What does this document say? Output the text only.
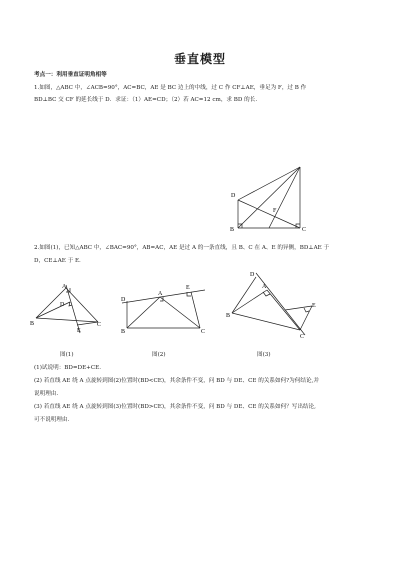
垂直模型
考点一：利用垂直证明角相等
1.如图，△ABC 中，∠ACB=90°，AC=BC，AE 是 BC 边上的中线，过 C 作 CF⊥AE，垂足为 F，过 B 作
BD⊥BC 交 CF 的延长线于 D．求证：（1）AE=CD；（2）若 AC=12 cm，求 BD 的长.
D
F
C
B
2.如图(1)，已知△ABC 中，∠BAC=90°，AB=AC，AE 是过 A 的一条直线，且 B、C 在 A、E 的异侧，BD⊥AE 于
D，CE⊥AE 于 E.
D
A
B
E
C
D
A
E
B	C
D
A
E
B
C
图(1)	图(2)	图(3)
(1)试说明：BD=DE+CE.
(2) 若直线 AE 绕 A 点旋转到图(2)位置时(BD<CE)，其余条件不变，问 BD 与 DE、CE 的关系如何?为何结论,并
说明理由.
(3) 若直线 AE 绕 A 点旋转到图(3)位置时(BD>CE)，其余条件不变，问 BD 与 DE、CE 的关系如何？写出结论,
可不说明理由.
